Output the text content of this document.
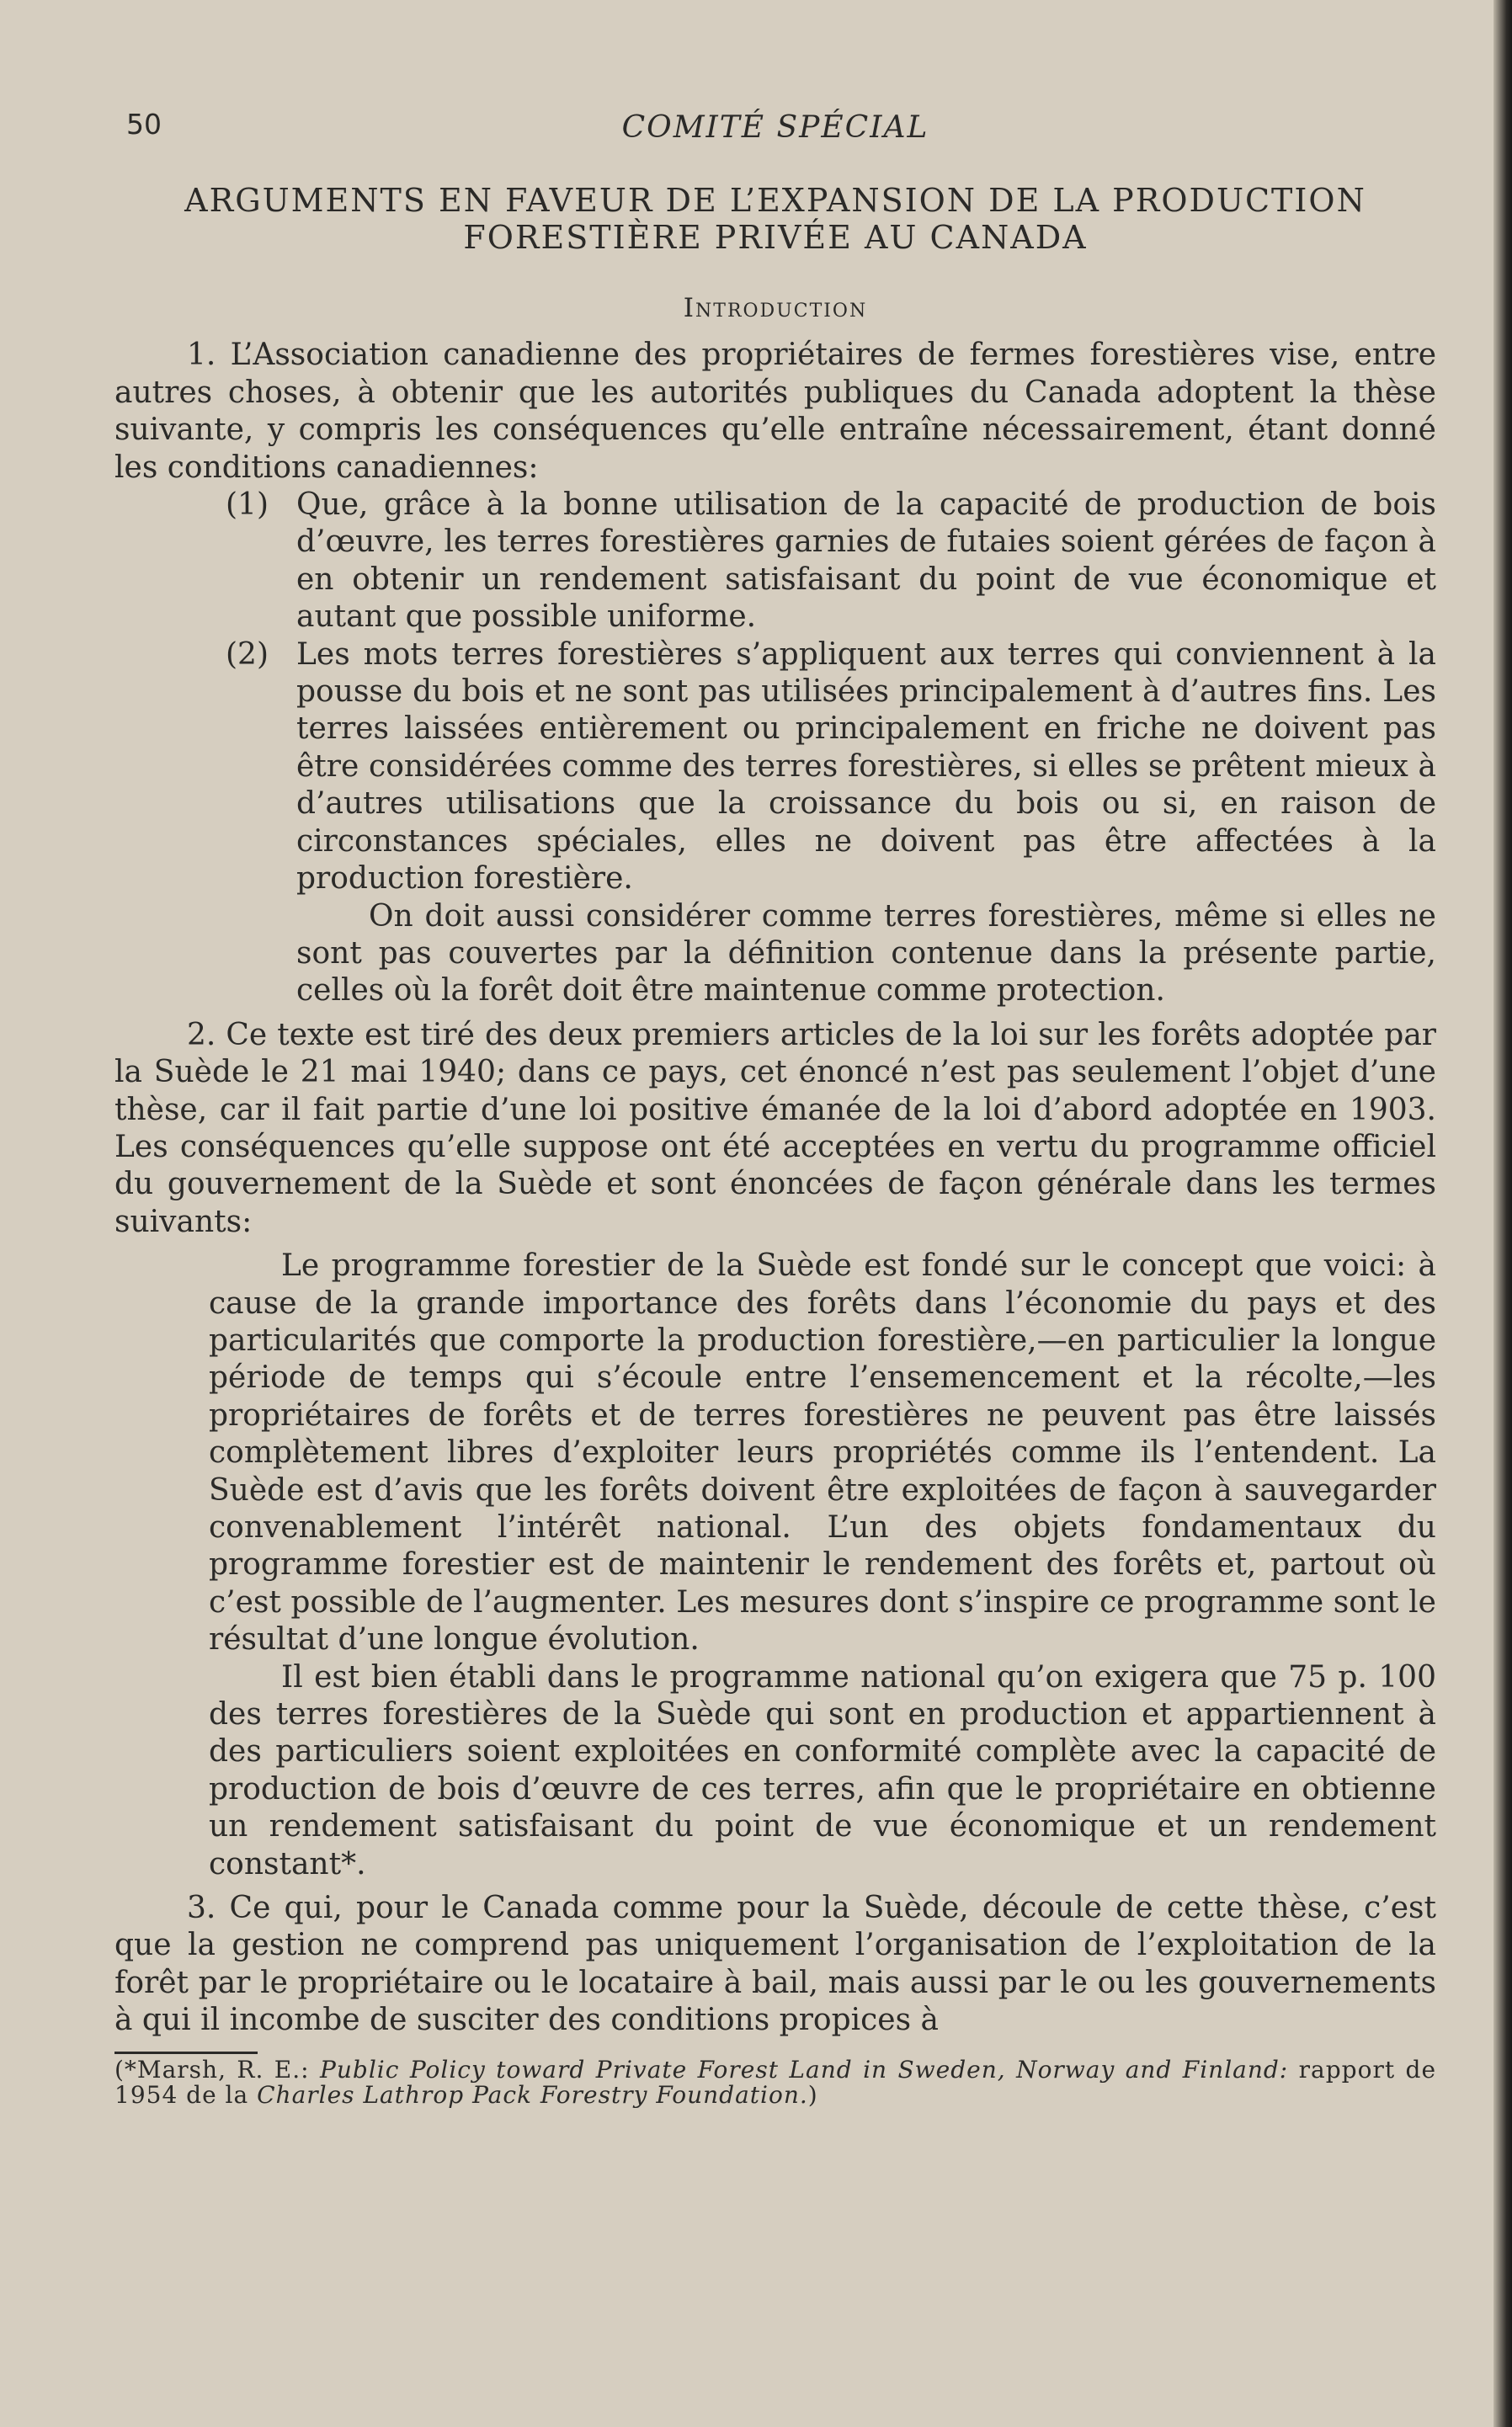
50	COMITÉ SPÉCIAL
ARGUMENTS EN FAVEUR DE L’EXPANSION DE LA PRODUCTION
FORESTIÈRE PRIVÉE AU CANADA
Introduction

1. L’Association canadienne des propriétaires de fermes forestières vise, entre autres choses, à obtenir que les autorités publiques du Canada adoptent la thèse suivante, y compris les conséquences qu’elle entraîne nécessairement, étant donné les conditions canadiennes:

(1) Que, grâce à la bonne utilisation de la capacité de production de bois d’œuvre, les terres forestières garnies de futaies soient gérées de façon à en obtenir un rendement satisfaisant du point de vue économique et autant que possible uniforme.

(2) Les mots terres forestières s’appliquent aux terres qui conviennent à la pousse du bois et ne sont pas utilisées principalement à d’autres fins. Les terres laissées entièrement ou principalement en friche ne doivent pas être considérées comme des terres forestières, si elles se prêtent mieux à d’autres utilisations que la croissance du bois ou si, en raison de circonstances spéciales, elles ne doivent pas être affectées à la production forestière.

On doit aussi considérer comme terres forestières, même si elles ne sont pas couvertes par la définition contenue dans la présente partie, celles où la forêt doit être maintenue comme protection.

2. Ce texte est tiré des deux premiers articles de la loi sur les forêts adoptée par la Suède le 21 mai 1940; dans ce pays, cet énoncé n’est pas seulement l’objet d’une thèse, car il fait partie d’une loi positive émanée de la loi d’abord adoptée en 1903. Les conséquences qu’elle suppose ont été acceptées en vertu du programme officiel du gouvernement de la Suède et sont énoncées de façon générale dans les termes suivants:

Le programme forestier de la Suède est fondé sur le concept que voici: à cause de la grande importance des forêts dans l’économie du pays et des particularités que comporte la production forestière,—en particulier la longue période de temps qui s’écoule entre l’ensemencement et la récolte,—les propriétaires de forêts et de terres forestières ne peuvent pas être laissés complètement libres d’exploiter leurs propriétés comme ils l’entendent. La Suède est d’avis que les forêts doivent être exploitées de façon à sauvegarder convenablement l’intérêt national. L’un des objets fondamentaux du programme forestier est de maintenir le rendement des forêts et, partout où c’est possible de l’augmenter. Les mesures dont s’inspire ce programme sont le résultat d’une longue évolution.

Il est bien établi dans le programme national qu’on exigera que 75 p. 100 des terres forestières de la Suède qui sont en production et appartiennent à des particuliers soient exploitées en conformité complète avec la capacité de production de bois d’œuvre de ces terres, afin que le propriétaire en obtienne un rendement satisfaisant du point de vue économique et un rendement constant*.

3. Ce qui, pour le Canada comme pour la Suède, découle de cette thèse, c’est que la gestion ne comprend pas uniquement l’organisation de l’exploitation de la forêt par le propriétaire ou le locataire à bail, mais aussi par le ou les gouvernements à qui il incombe de susciter des conditions propices à

(*Marsh, R. E.: Public Policy toward Private Forest Land in Sweden, Norway and Finland: rapport de 1954 de la Charles Lathrop Pack Forestry Foundation.)
